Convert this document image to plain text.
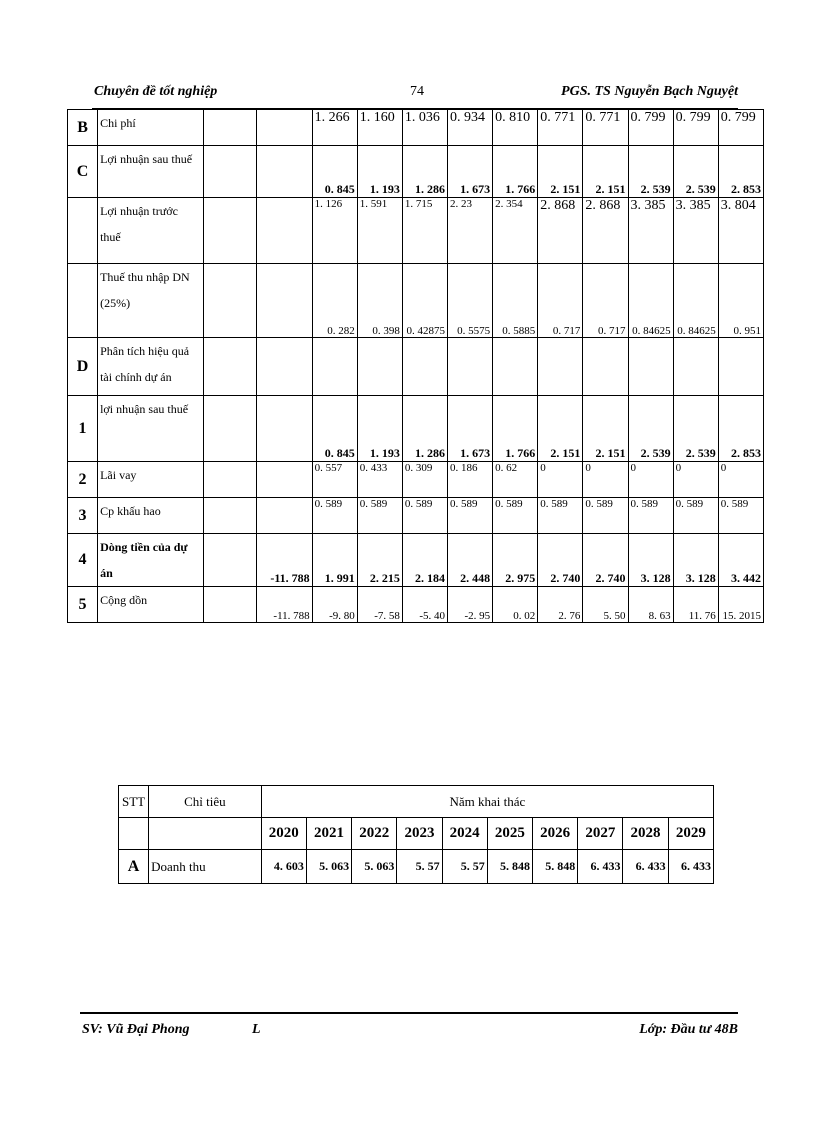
Chuyên đề tốt nghiệp	74	PGS. TS Nguyễn Bạch Nguyệt
B	Chi phí			1. 266	1. 160	1. 036	0. 934	0. 810	0. 771	0. 771	0. 799	0. 799	0. 799
C	Lợi nhuận sau thuế			0. 845	1. 193	1. 286	1. 673	1. 766	2. 151	2. 151	2. 539	2. 539	2. 853
	Lợi nhuận trước thuế			1. 126	1. 591	1. 715	2. 23	2. 354	2. 868	2. 868	3. 385	3. 385	3. 804
	Thuế thu nhập DN (25%)			0. 282	0. 398	0. 42875	0. 5575	0. 5885	0. 717	0. 717	0. 84625	0. 84625	0. 951
D	Phân tích hiệu quả tài chính dự án												
1	lợi nhuận sau thuế			0. 845	1. 193	1. 286	1. 673	1. 766	2. 151	2. 151	2. 539	2. 539	2. 853
2	Lãi vay			0. 557	0. 433	0. 309	0. 186	0. 62	0	0	0	0	0
3	Cp khấu hao			0. 589	0. 589	0. 589	0. 589	0. 589	0. 589	0. 589	0. 589	0. 589	0. 589
4	Dòng tiền của dự án		-11. 788	1. 991	2. 215	2. 184	2. 448	2. 975	2. 740	2. 740	3. 128	3. 128	3. 442
5	Cộng dồn		-11. 788	-9. 80	-7. 58	-5. 40	-2. 95	0. 02	2. 76	5. 50	8. 63	11. 76	15. 2015
STT	Chỉ tiêu	Năm khai thác									
		2020	2021	2022	2023	2024	2025	2026	2027	2028	2029
A	Doanh thu	4. 603	5. 063	5. 063	5. 57	5. 57	5. 848	5. 848	6. 433	6. 433	6. 433
SV: Vũ Đại Phong	L	Lớp: Đầu tư 48B
